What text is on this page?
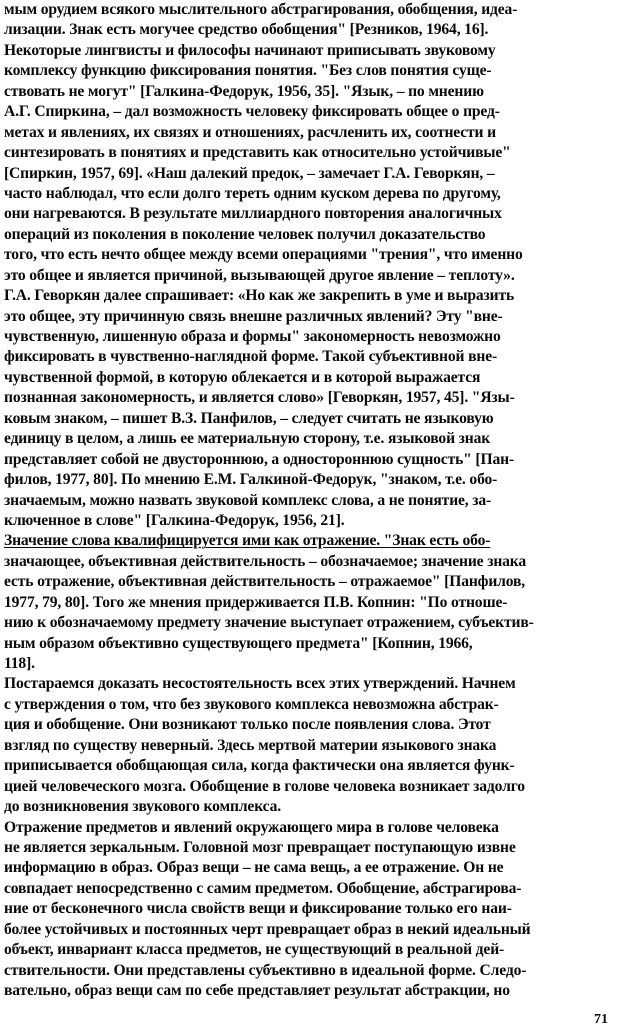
мым орудием всякого мыслительного абстрагирования, обобщения, идеа-
лизации. Знак есть могучее средство обобщения" [Резников, 1964, 16].
Некоторые лингвисты и философы начинают приписывать звуковому
комплексу функцию фиксирования понятия. "Без слов понятия суще-
ствовать не могут" [Галкина-Федорук, 1956, 35]. "Язык, – по мнению
А.Г. Спиркина, – дал возможность человеку фиксировать общее о пред-
метах и явлениях, их связях и отношениях, расчленить их, соотнести и
синтезировать в понятиях и представить как относительно устойчивые"
[Спиркин, 1957, 69]. «Наш далекий предок, – замечает Г.А. Геворкян, –
часто наблюдал, что если долго тереть одним куском дерева по другому,
они нагреваются. В результате миллиардного повторения аналогичных
операций из поколения в поколение человек получил доказательство
того, что есть нечто общее между всеми операциями "трения", что именно
это общее и является причиной, вызывающей другое явление – теплоту».
Г.А. Геворкян далее спрашивает: «Но как же закрепить в уме и выразить
это общее, эту причинную связь внешне различных явлений? Эту "вне-
чувственную, лишенную образа и формы" закономерность невозможно
фиксировать в чувственно-наглядной форме. Такой субъективной вне-
чувственной формой, в которую облекается и в которой выражается
познанная закономерность, и является слово» [Геворкян, 1957, 45]. "Язы-
ковым знаком, – пишет В.З. Панфилов, – следует считать не языковую
единицу в целом, а лишь ее материальную сторону, т.е. языковой знак
представляет собой не двустороннюю, а одностороннюю сущность" [Пан-
филов, 1977, 80]. По мнению Е.М. Галкиной-Федорук, "знаком, т.е. обо-
значаемым, можно назвать звуковой комплекс слова, а не понятие, за-
ключенное в слове" [Галкина-Федорук, 1956, 21].
Значение слова квалифицируется ими как отражение. "Знак есть обо-
значающее, объективная действительность – обозначаемое; значение знака
есть отражение, объективная действительность – отражаемое" [Панфилов,
1977, 79, 80]. Того же мнения придерживается П.В. Копнин: "По отноше-
нию к обозначаемому предмету значение выступает отражением, субъектив-
ным образом объективно существующего предмета" [Копнин, 1966,
118].
Постараемся доказать несостоятельность всех этих утверждений. Начнем
с утверждения о том, что без звукового комплекса невозможна абстрак-
ция и обобщение. Они возникают только после появления слова. Этот
взгляд по существу неверный. Здесь мертвой материи языкового знака
приписывается обобщающая сила, когда фактически она является функ-
цией человеческого мозга. Обобщение в голове человека возникает задолго
до возникновения звукового комплекса.
Отражение предметов и явлений окружающего мира в голове человека
не является зеркальным. Головной мозг превращает поступающую извне
информацию в образ. Образ вещи – не сама вещь, а ее отражение. Он не
совпадает непосредственно с самим предметом. Обобщение, абстрагирова-
ние от бесконечного числа свойств вещи и фиксирование только его наи-
более устойчивых и постоянных черт превращает образ в некий идеальный
объект, инвариант класса предметов, не существующий в реальной дей-
ствительности. Они представлены субъективно в идеальной форме. Следо-
вательно, образ вещи сам по себе представляет результат абстракции, но
71
